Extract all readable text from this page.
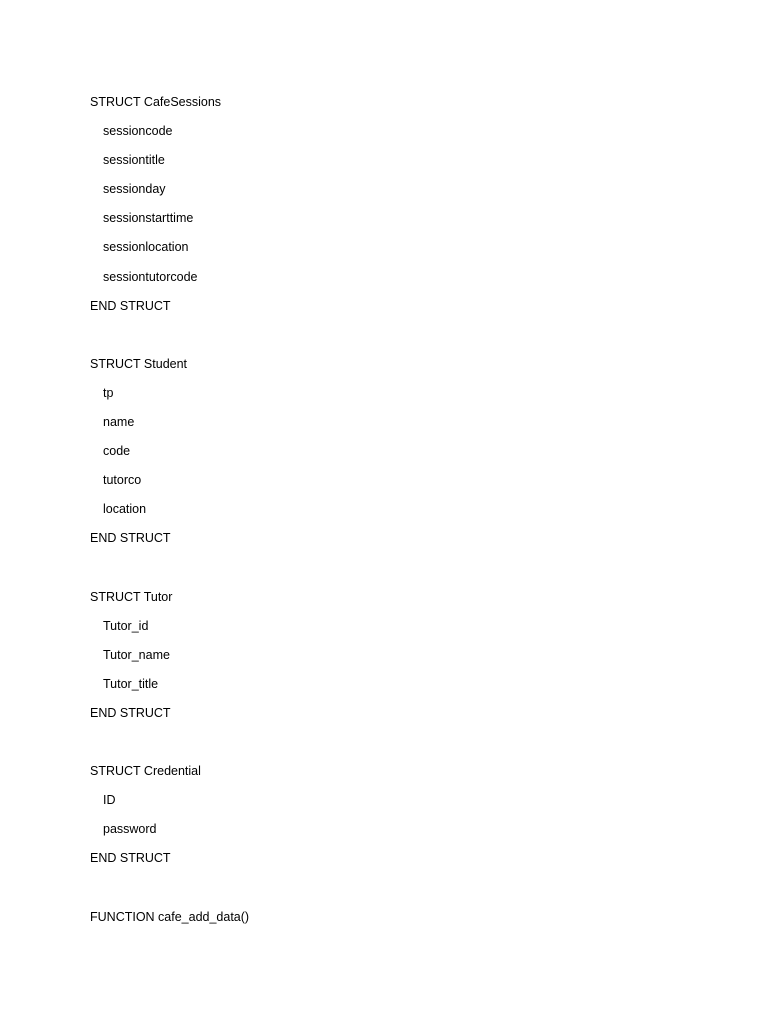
STRUCT CafeSessions
sessioncode
sessiontitle
sessionday
sessionstarttime
sessionlocation
sessiontutorcode
END STRUCT
STRUCT Student
tp
name
code
tutorco
location
END STRUCT
STRUCT Tutor
Tutor_id
Tutor_name
Tutor_title
END STRUCT
STRUCT Credential
ID
password
END STRUCT
FUNCTION cafe_add_data()
